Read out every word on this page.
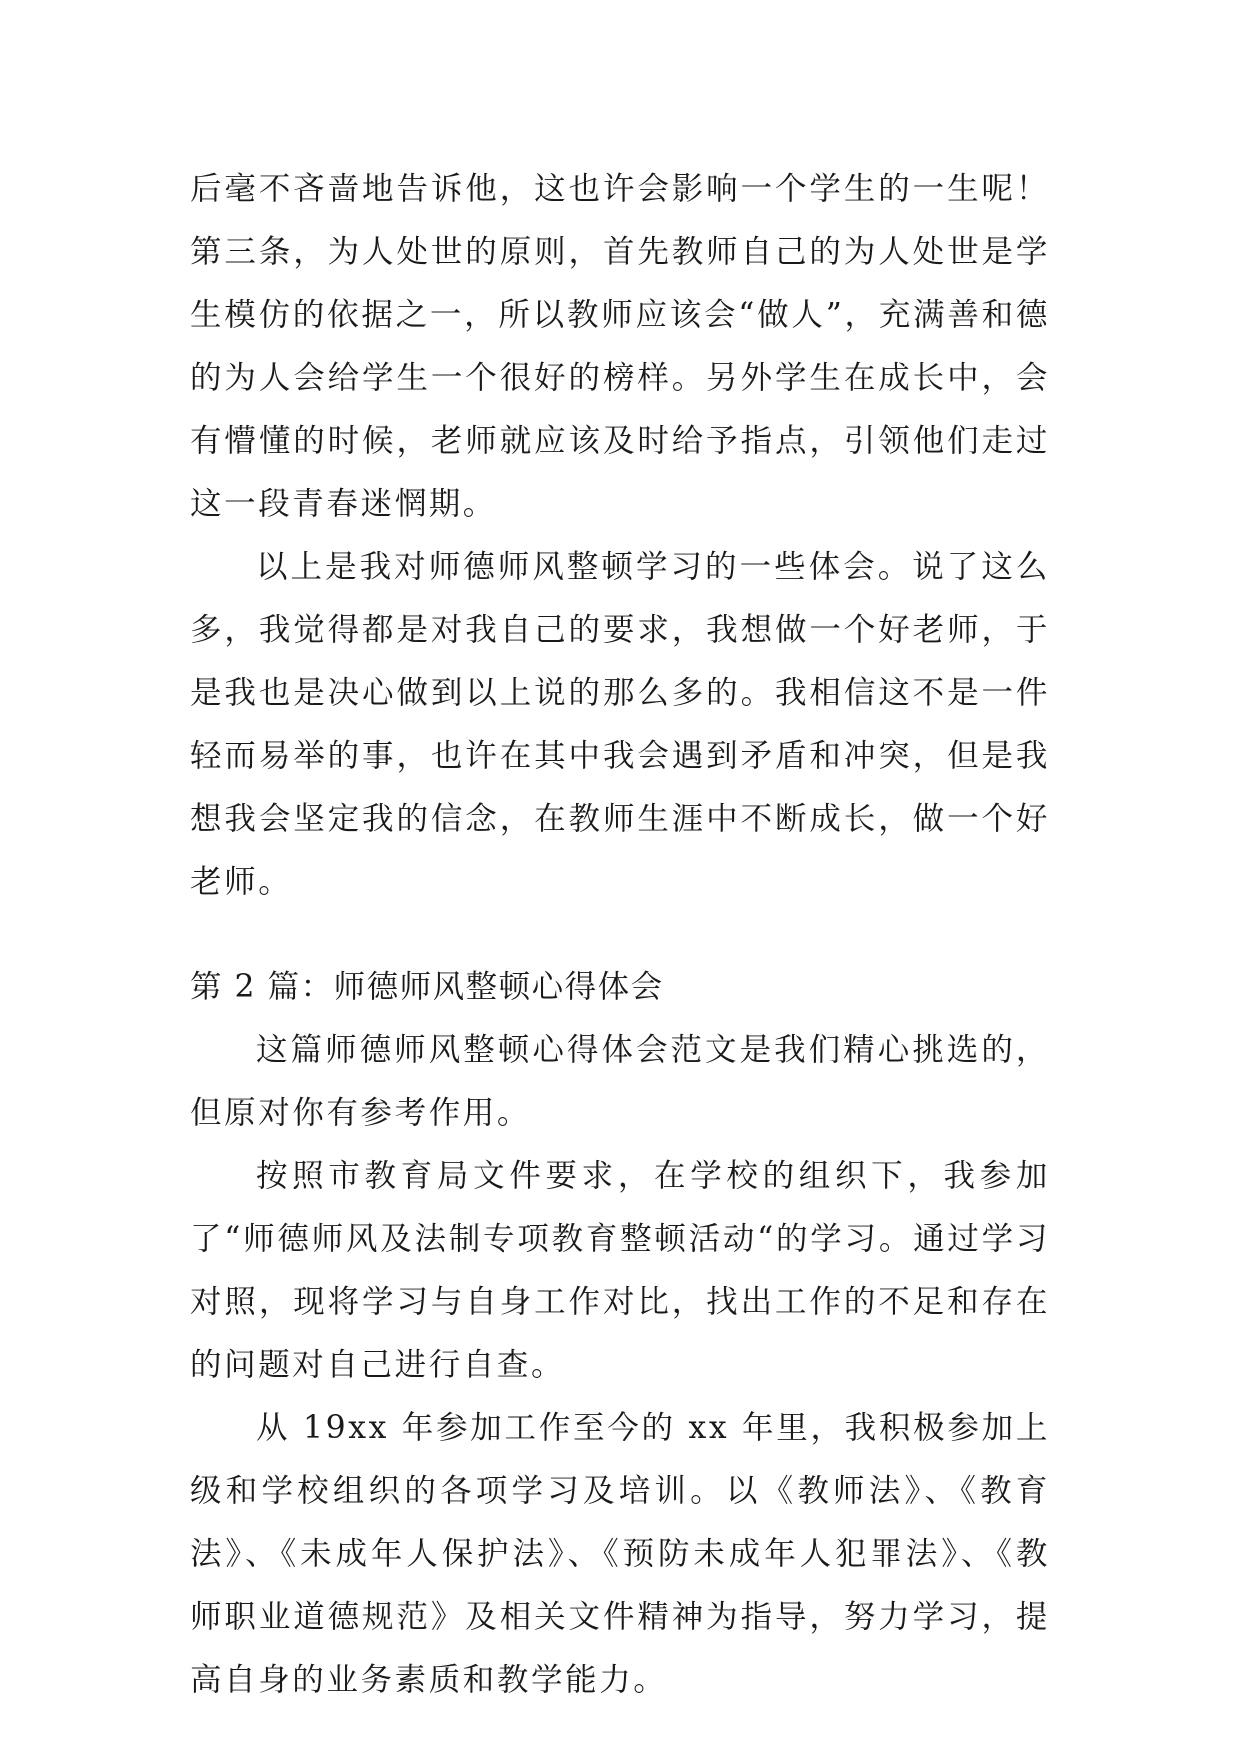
后毫不吝啬地告诉他，这也许会影响一个学生的一生呢！第三条，为人处世的原则，首先教师自己的为人处世是学生模仿的依据之一，所以教师应该会“做人”，充满善和德的为人会给学生一个很好的榜样。另外学生在成长中，会有懵懂的时候，老师就应该及时给予指点，引领他们走过这一段青春迷惘期。

以上是我对师德师风整顿学习的一些体会。说了这么多，我觉得都是对我自己的要求，我想做一个好老师，于是我也是决心做到以上说的那么多的。我相信这不是一件轻而易举的事，也许在其中我会遇到矛盾和冲突，但是我想我会坚定我的信念，在教师生涯中不断成长，做一个好老师。

第 2 篇：师德师风整顿心得体会

这篇师德师风整顿心得体会范文是我们精心挑选的，但原对你有参考作用。

按照市教育局文件要求，在学校的组织下，我参加了“师德师风及法制专项教育整顿活动“的学习。通过学习对照，现将学习与自身工作对比，找出工作的不足和存在的问题对自己进行自查。

从 19xx 年参加工作至今的 xx 年里，我积极参加上级和学校组织的各项学习及培训。以《教师法》、《教育法》、《未成年人保护法》、《预防未成年人犯罪法》、《教师职业道德规范》及相关文件精神为指导，努力学习，提高自身的业务素质和教学能力。
